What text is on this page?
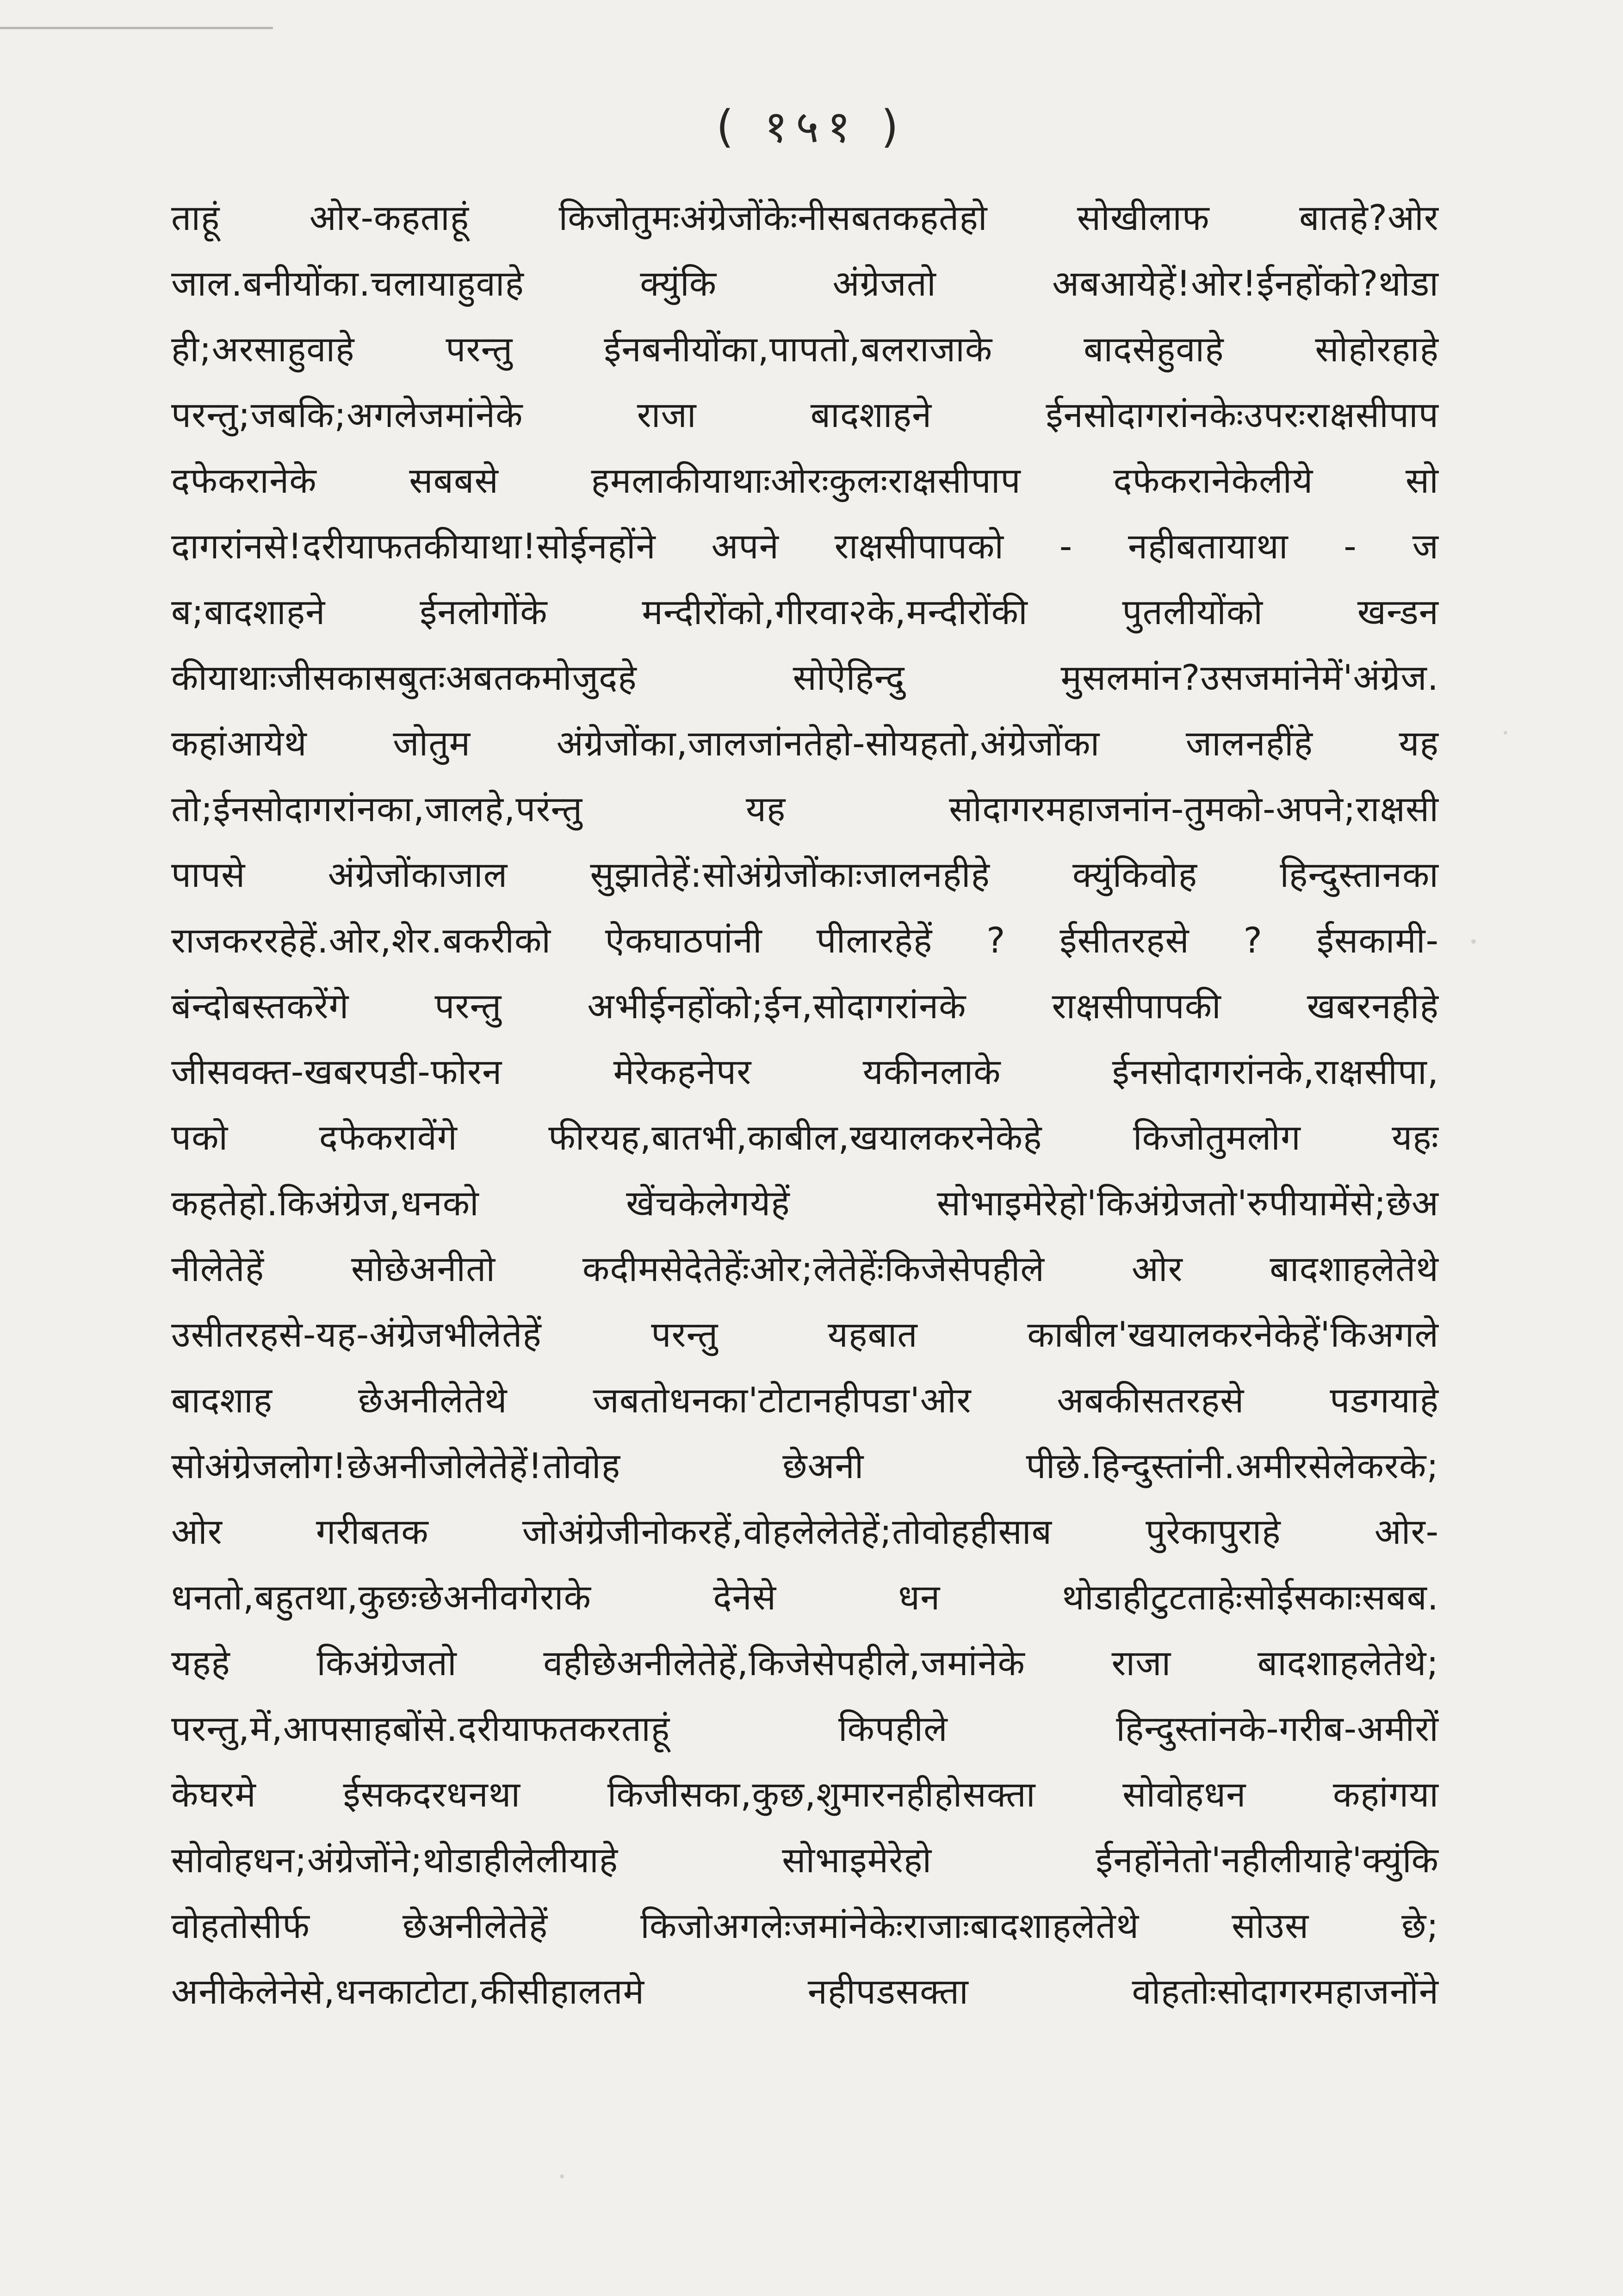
( १५१ )
ताहूं ओर-कहताहूं किजोतुमःअंग्रेजोंकेःनीसबतकहतेहो सोखीलाफ बातहे?ओर
जाल.बनीयोंका.चलायाहुवाहे क्युंकि अंग्रेजतो अबआयेहें!ओर!ईनहोंको?थोडा
ही;अरसाहुवाहे परन्तु ईनबनीयोंका,पापतो,बलराजाके बादसेहुवाहे सोहोरहाहे
परन्तु;जबकि;अगलेजमांनेके राजा बादशाहने ईनसोदागरांनकेःउपरःराक्षसीपाप
दफेकरानेके सबबसे हमलाकीयाथाःओरःकुलःराक्षसीपाप दफेकरानेकेलीये सो
दागरांनसे!दरीयाफतकीयाथा!सोईनहोंने अपने राक्षसीपापको - नहीबतायाथा - ज
ब;बादशाहने ईनलोगोंके मन्दीरोंको,गीरवा२के,मन्दीरोंकी पुतलीयोंको खन्डन
कीयाथाःजीसकासबुतःअबतकमोजुदहे सोऐहिन्दु मुसलमांन?उसजमांनेमें'अंग्रेज.
कहांआयेथे जोतुम अंग्रेजोंका,जालजांनतेहो-सोयहतो,अंग्रेजोंका जालनहींहे यह
तो;ईनसोदागरांनका,जालहे,परंन्तु यह सोदागरमहाजनांन-तुमको-अपने;राक्षसी
पापसे अंग्रेजोंकाजाल सुझातेहें:सोअंग्रेजोंकाःजालनहीहे क्युंकिवोह हिन्दुस्तानका
राजकररहेहें.ओर,शेर.बकरीको ऐकघाठपांनी पीलारहेहें ? ईसीतरहसे ? ईसकामी-
बंन्दोबस्तकरेंगे परन्तु अभीईनहोंको;ईन,सोदागरांनके राक्षसीपापकी खबरनहीहे
जीसवक्त-खबरपडी-फोरन मेरेकहनेपर यकीनलाके ईनसोदागरांनके,राक्षसीपा,
पको दफेकरावेंगे फीरयह,बातभी,काबील,खयालकरनेकेहे किजोतुमलोग यहः
कहतेहो.किअंग्रेज,धनको खेंचकेलेगयेहें सोभाइमेरेहो'किअंग्रेजतो'रुपीयामेंसे;छेअ
नीलेतेहें सोछेअनीतो कदीमसेदेतेहेंःओर;लेतेहेंःकिजेसेपहीले ओर बादशाहलेतेथे
उसीतरहसे-यह-अंग्रेजभीलेतेहें परन्तु यहबात काबील'खयालकरनेकेहें'किअगले
बादशाह छेअनीलेतेथे जबतोधनका'टोटानहीपडा'ओर अबकीसतरहसे पडगयाहे
सोअंग्रेजलोग!छेअनीजोलेतेहें!तोवोह छेअनी पीछे.हिन्दुस्तांनी.अमीरसेलेकरके;
ओर गरीबतक जोअंग्रेजीनोकरहें,वोहलेलेतेहें;तोवोहहीसाब पुरेकापुराहे ओर-
धनतो,बहुतथा,कुछःछेअनीवगेराके देनेसे धन थोडाहीटुटताहेःसोईसकाःसबब.
यहहे किअंग्रेजतो वहीछेअनीलेतेहें,किजेसेपहीले,जमांनेके राजा बादशाहलेतेथे;
परन्तु,में,आपसाहबोंसे.दरीयाफतकरताहूं किपहीले हिन्दुस्तांनके-गरीब-अमीरों
केघरमे ईसकदरधनथा किजीसका,कुछ,शुमारनहीहोसक्ता सोवोहधन कहांगया
सोवोहधन;अंग्रेजोंने;थोडाहीलेलीयाहे सोभाइमेरेहो ईनहोंनेतो'नहीलीयाहे'क्युंकि
वोहतोसीर्फ छेअनीलेतेहें किजोअगलेःजमांनेकेःराजाःबादशाहलेतेथे सोउस छे;
अनीकेलेनेसे,धनकाटोटा,कीसीहालतमे नहीपडसक्ता वोहतोःसोदागरमहाजनोंने
